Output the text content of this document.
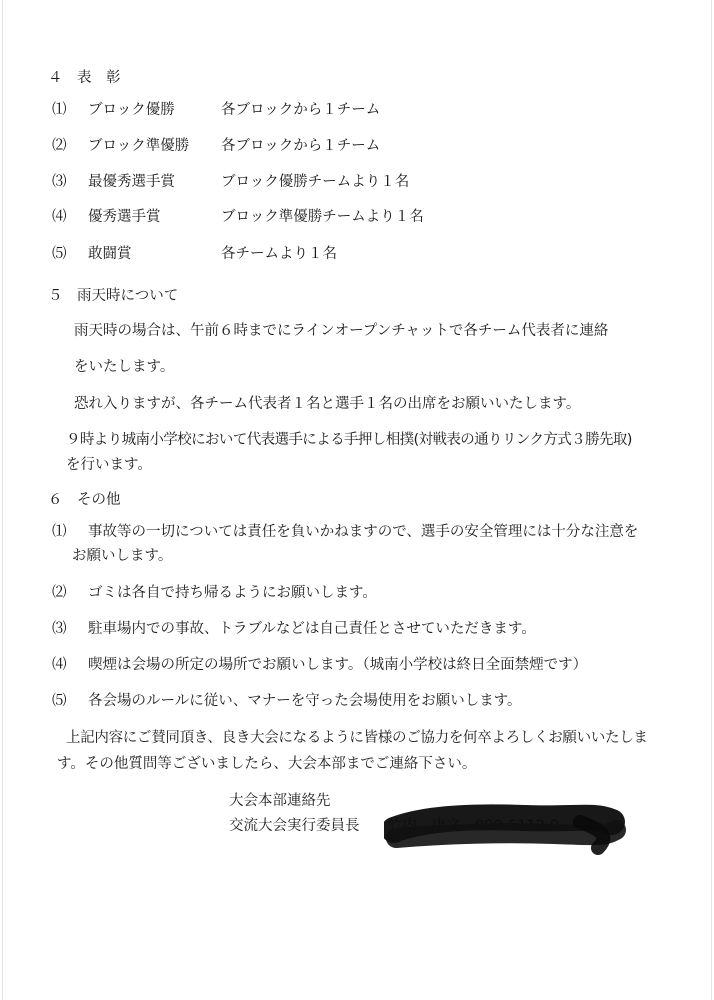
４　表　彰
⑴ ブロック優勝	各ブロックから１チーム
⑵ ブロック準優勝 各ブロックから１チーム
⑶ 最優秀選手賞	ブロック優勝チームより１名
⑷ 優秀選手賞	ブロック準優勝チームより１名
⑸ 敢闘賞	各チームより１名
５　雨天時について
雨天時の場合は、午前６時までにラインオープンチャットで各チーム代表者に連絡
をいたします。
恐れ入りますが、各チーム代表者１名と選手１名の出席をお願いいたします。
９時より城南小学校において代表選手による手押し相撲(対戦表の通りリンク方式３勝先取)
を行います。
６　その他
⑴ 事故等の一切については責任を負いかねますので、選手の安全管理には十分な注意を
お願いします。
⑵ ゴミは各自で持ち帰るようにお願いします。
⑶ 駐車場内での事故、トラブルなどは自己責任とさせていただきます。
⑷ 喫煙は会場の所定の場所でお願いします。（城南小学校は終日全面禁煙です）
⑸ 各会場のルールに従い、マナーを守った会場使用をお願いします。
上記内容にご賛同頂き、良き大会になるように皆様のご協力を何卒よろしくお願いいたしま
す。その他質問等ございましたら、大会本部までご連絡下さい。
大会本部連絡先
交流大会実行委員長 竹内　康文　090-6112-9
